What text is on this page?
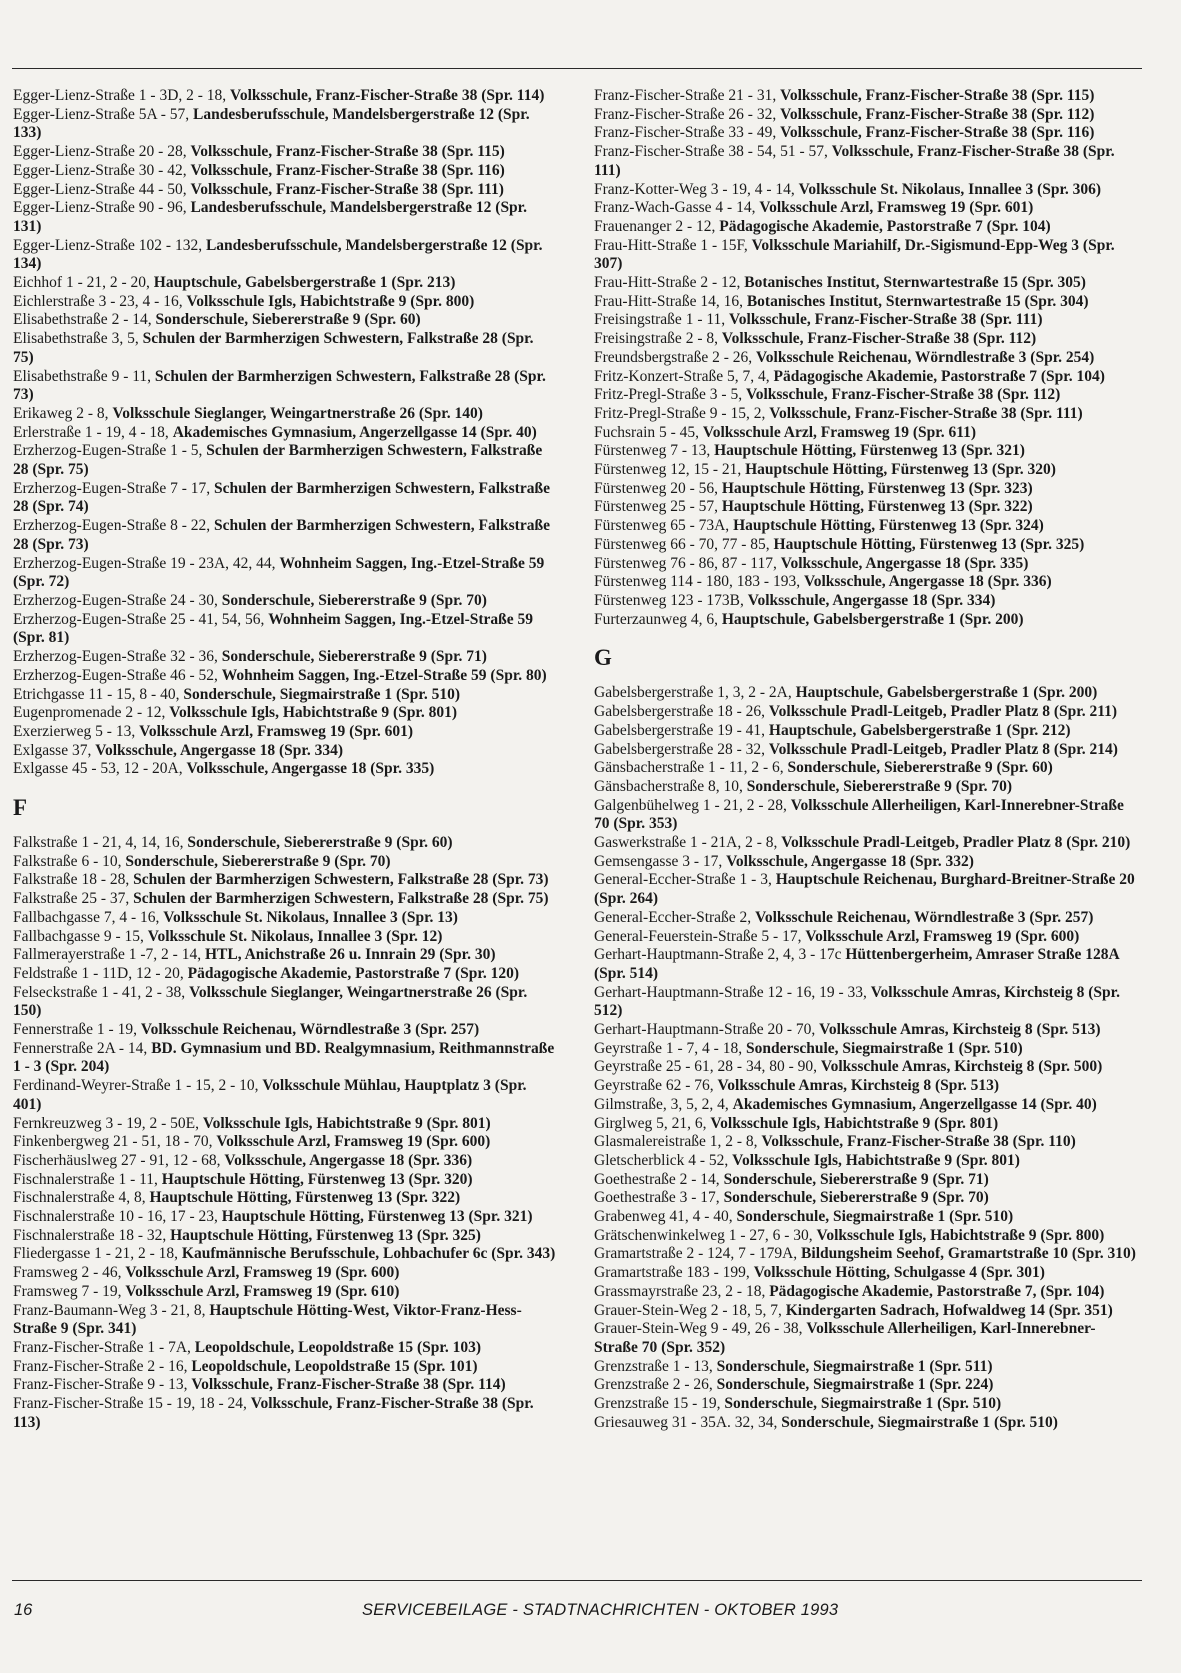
Egger-Lienz-Straße 1 - 3D, 2 - 18, Volksschule, Franz-Fischer-Straße 38 (Spr. 114)
Egger-Lienz-Straße 5A - 57, Landesberufsschule, Mandelsbergerstraße 12 (Spr. 133)
Egger-Lienz-Straße 20 - 28, Volksschule, Franz-Fischer-Straße 38 (Spr. 115)
Egger-Lienz-Straße 30 - 42, Volksschule, Franz-Fischer-Straße 38 (Spr. 116)
Egger-Lienz-Straße 44 - 50, Volksschule, Franz-Fischer-Straße 38 (Spr. 111)
Egger-Lienz-Straße 90 - 96, Landesberufsschule, Mandelsbergerstraße 12 (Spr. 131)
Egger-Lienz-Straße 102 - 132, Landesberufsschule, Mandelsbergerstraße 12 (Spr. 134)
Eichhof 1 - 21, 2 - 20, Hauptschule, Gabelsbergerstraße 1 (Spr. 213)
Eichlerstraße 3 - 23, 4 - 16, Volksschule Igls, Habichtstraße 9 (Spr. 800)
Elisabethstraße 2 - 14, Sonderschule, Siebererstraße 9 (Spr. 60)
Elisabethstraße 3, 5, Schulen der Barmherzigen Schwestern, Falkstraße 28 (Spr. 75)
Elisabethstraße 9 - 11, Schulen der Barmherzigen Schwestern, Falkstraße 28 (Spr. 73)
Erikaweg 2 - 8, Volksschule Sieglanger, Weingartnerstraße 26 (Spr. 140)
Erlerstraße 1 - 19, 4 - 18, Akademisches Gymnasium, Angerzellgasse 14 (Spr. 40)
Erzherzog-Eugen-Straße 1 - 5, Schulen der Barmherzigen Schwestern, Falkstraße 28 (Spr. 75)
Erzherzog-Eugen-Straße 7 - 17, Schulen der Barmherzigen Schwestern, Falkstraße 28 (Spr. 74)
Erzherzog-Eugen-Straße 8 - 22, Schulen der Barmherzigen Schwestern, Falkstraße 28 (Spr. 73)
Erzherzog-Eugen-Straße 19 - 23A, 42, 44, Wohnheim Saggen, Ing.-Etzel-Straße 59 (Spr. 72)
Erzherzog-Eugen-Straße 24 - 30, Sonderschule, Siebererstraße 9 (Spr. 70)
Erzherzog-Eugen-Straße 25 - 41, 54, 56, Wohnheim Saggen, Ing.-Etzel-Straße 59 (Spr. 81)
Erzherzog-Eugen-Straße 32 - 36, Sonderschule, Siebererstraße 9 (Spr. 71)
Erzherzog-Eugen-Straße 46 - 52, Wohnheim Saggen, Ing.-Etzel-Straße 59 (Spr. 80)
Etrichgasse 11 - 15, 8 - 40, Sonderschule, Siegmairstraße 1 (Spr. 510)
Eugenpromenade 2 - 12, Volksschule Igls, Habichtstraße 9 (Spr. 801)
Exerzierweg 5 - 13, Volksschule Arzl, Framsweg 19 (Spr. 601)
Exlgasse 37, Volksschule, Angergasse 18 (Spr. 334)
Exlgasse 45 - 53, 12 - 20A, Volksschule, Angergasse 18 (Spr. 335)
F
Falkstraße 1 - 21, 4, 14, 16, Sonderschule, Siebererstraße 9 (Spr. 60)
Falkstraße 6 - 10, Sonderschule, Siebererstraße 9 (Spr. 70)
Falkstraße 18 - 28, Schulen der Barmherzigen Schwestern, Falkstraße 28 (Spr. 73)
Falkstraße 25 - 37, Schulen der Barmherzigen Schwestern, Falkstraße 28 (Spr. 75)
Fallbachgasse 7, 4 - 16, Volksschule St. Nikolaus, Innallee 3 (Spr. 13)
Fallbachgasse 9 - 15, Volksschule St. Nikolaus, Innallee 3 (Spr. 12)
Fallmerayerstraße 1 -7, 2 - 14, HTL, Anichstraße 26 u. Innrain 29 (Spr. 30)
Feldstraße 1 - 11D, 12 - 20, Pädagogische Akademie, Pastorstraße 7 (Spr. 120)
Felseckstraße 1 - 41, 2 - 38, Volksschule Sieglanger, Weingartnerstraße 26 (Spr. 150)
Fennerstraße 1 - 19, Volksschule Reichenau, Wörndlestraße 3 (Spr. 257)
Fennerstraße 2A - 14, BD. Gymnasium und BD. Realgymnasium, Reithmannstraße 1 - 3 (Spr. 204)
Ferdinand-Weyrer-Straße 1 - 15, 2 - 10, Volksschule Mühlau, Hauptplatz 3 (Spr. 401)
Fernkreuzweg 3 - 19, 2 - 50E, Volksschule Igls, Habichtstraße 9 (Spr. 801)
Finkenbergweg 21 - 51, 18 - 70, Volksschule Arzl, Framsweg 19 (Spr. 600)
Fischerhäuslweg 27 - 91, 12 - 68, Volksschule, Angergasse 18 (Spr. 336)
Fischnalerstraße 1 - 11, Hauptschule Hötting, Fürstenweg 13 (Spr. 320)
Fischnalerstraße 4, 8, Hauptschule Hötting, Fürstenweg 13 (Spr. 322)
Fischnalerstraße 10 - 16, 17 - 23, Hauptschule Hötting, Fürstenweg 13 (Spr. 321)
Fischnalerstraße 18 - 32, Hauptschule Hötting, Fürstenweg 13 (Spr. 325)
Fliedergasse 1 - 21, 2 - 18, Kaufmännische Berufsschule, Lohbachufer 6c (Spr. 343)
Framsweg 2 - 46, Volksschule Arzl, Framsweg 19 (Spr. 600)
Framsweg 7 - 19, Volksschule Arzl, Framsweg 19 (Spr. 610)
Franz-Baumann-Weg 3 - 21, 8, Hauptschule Hötting-West, Viktor-Franz-Hess-Straße 9 (Spr. 341)
Franz-Fischer-Straße 1 - 7A, Leopoldschule, Leopoldstraße 15 (Spr. 103)
Franz-Fischer-Straße 2 - 16, Leopoldschule, Leopoldstraße 15 (Spr. 101)
Franz-Fischer-Straße 9 - 13, Volksschule, Franz-Fischer-Straße 38 (Spr. 114)
Franz-Fischer-Straße 15 - 19, 18 - 24, Volksschule, Franz-Fischer-Straße 38 (Spr. 113)
Franz-Fischer-Straße 21 - 31, Volksschule, Franz-Fischer-Straße 38 (Spr. 115)
Franz-Fischer-Straße 26 - 32, Volksschule, Franz-Fischer-Straße 38 (Spr. 112)
Franz-Fischer-Straße 33 - 49, Volksschule, Franz-Fischer-Straße 38 (Spr. 116)
Franz-Fischer-Straße 38 - 54, 51 - 57, Volksschule, Franz-Fischer-Straße 38 (Spr. 111)
Franz-Kotter-Weg 3 - 19, 4 - 14, Volksschule St. Nikolaus, Innallee 3 (Spr. 306)
Franz-Wach-Gasse 4 - 14, Volksschule Arzl, Framsweg 19 (Spr. 601)
Frauenanger 2 - 12, Pädagogische Akademie, Pastorstraße 7 (Spr. 104)
Frau-Hitt-Straße 1 - 15F, Volksschule Mariahilf, Dr.-Sigismund-Epp-Weg 3 (Spr. 307)
Frau-Hitt-Straße 2 - 12, Botanisches Institut, Sternwartestraße 15 (Spr. 305)
Frau-Hitt-Straße 14, 16, Botanisches Institut, Sternwartestraße 15 (Spr. 304)
Freisingstraße 1 - 11, Volksschule, Franz-Fischer-Straße 38 (Spr. 111)
Freisingstraße 2 - 8, Volksschule, Franz-Fischer-Straße 38 (Spr. 112)
Freundsbergstraße 2 - 26, Volksschule Reichenau, Wörndlestraße 3 (Spr. 254)
Fritz-Konzert-Straße 5, 7, 4, Pädagogische Akademie, Pastorstraße 7 (Spr. 104)
Fritz-Pregl-Straße 3 - 5, Volksschule, Franz-Fischer-Straße 38 (Spr. 112)
Fritz-Pregl-Straße 9 - 15, 2, Volksschule, Franz-Fischer-Straße 38 (Spr. 111)
Fuchsrain 5 - 45, Volksschule Arzl, Framsweg 19 (Spr. 611)
Fürstenweg 7 - 13, Hauptschule Hötting, Fürstenweg 13 (Spr. 321)
Fürstenweg 12, 15 - 21, Hauptschule Hötting, Fürstenweg 13 (Spr. 320)
Fürstenweg 20 - 56, Hauptschule Hötting, Fürstenweg 13 (Spr. 323)
Fürstenweg 25 - 57, Hauptschule Hötting, Fürstenweg 13 (Spr. 322)
Fürstenweg 65 - 73A, Hauptschule Hötting, Fürstenweg 13 (Spr. 324)
Fürstenweg 66 - 70, 77 - 85, Hauptschule Hötting, Fürstenweg 13 (Spr. 325)
Fürstenweg 76 - 86, 87 - 117, Volksschule, Angergasse 18 (Spr. 335)
Fürstenweg 114 - 180, 183 - 193, Volksschule, Angergasse 18 (Spr. 336)
Fürstenweg 123 - 173B, Volksschule, Angergasse 18 (Spr. 334)
Furterzaunweg 4, 6, Hauptschule, Gabelsbergerstraße 1 (Spr. 200)
G
Gabelsbergerstraße 1, 3, 2 - 2A, Hauptschule, Gabelsbergerstraße 1 (Spr. 200)
Gabelsbergerstraße 18 - 26, Volksschule Pradl-Leitgeb, Pradler Platz 8 (Spr. 211)
Gabelsbergerstraße 19 - 41, Hauptschule, Gabelsbergerstraße 1 (Spr. 212)
Gabelsbergerstraße 28 - 32, Volksschule Pradl-Leitgeb, Pradler Platz 8 (Spr. 214)
Gänsbacherstraße 1 - 11, 2 - 6, Sonderschule, Siebererstraße 9 (Spr. 60)
Gänsbacherstraße 8, 10, Sonderschule, Siebererstraße 9 (Spr. 70)
Galgenbühelweg 1 - 21, 2 - 28, Volksschule Allerheiligen, Karl-Innerebner-Straße 70 (Spr. 353)
Gaswerkstraße 1 - 21A, 2 - 8, Volksschule Pradl-Leitgeb, Pradler Platz 8 (Spr. 210)
Gemsengasse 3 - 17, Volksschule, Angergasse 18 (Spr. 332)
General-Eccher-Straße 1 - 3, Hauptschule Reichenau, Burghard-Breitner-Straße 20 (Spr. 264)
General-Eccher-Straße 2, Volksschule Reichenau, Wörndlestraße 3 (Spr. 257)
General-Feuerstein-Straße 5 - 17, Volksschule Arzl, Framsweg 19 (Spr. 600)
Gerhart-Hauptmann-Straße 2, 4, 3 - 17c Hüttenbergerheim, Amraser Straße 128A (Spr. 514)
Gerhart-Hauptmann-Straße 12 - 16, 19 - 33, Volksschule Amras, Kirchsteig 8 (Spr. 512)
Gerhart-Hauptmann-Straße 20 - 70, Volksschule Amras, Kirchsteig 8 (Spr. 513)
Geyrstraße 1 - 7, 4 - 18, Sonderschule, Siegmairstraße 1 (Spr. 510)
Geyrstraße 25 - 61, 28 - 34, 80 - 90, Volksschule Amras, Kirchsteig 8 (Spr. 500)
Geyrstraße 62 - 76, Volksschule Amras, Kirchsteig 8 (Spr. 513)
Gilmstraße, 3, 5, 2, 4, Akademisches Gymnasium, Angerzellgasse 14 (Spr. 40)
Girglweg 5, 21, 6, Volksschule Igls, Habichtstraße 9 (Spr. 801)
Glasmalereistraße 1, 2 - 8, Volksschule, Franz-Fischer-Straße 38 (Spr. 110)
Gletscherblick 4 - 52, Volksschule Igls, Habichtstraße 9 (Spr. 801)
Goethestraße 2 - 14, Sonderschule, Siebererstraße 9 (Spr. 71)
Goethestraße 3 - 17, Sonderschule, Siebererstraße 9 (Spr. 70)
Grabenweg 41, 4 - 40, Sonderschule, Siegmairstraße 1 (Spr. 510)
Grätschenwinkelweg 1 - 27, 6 - 30, Volksschule Igls, Habichtstraße 9 (Spr. 800)
Gramartstraße 2 - 124, 7 - 179A, Bildungsheim Seehof, Gramartstraße 10 (Spr. 310)
Gramartstraße 183 - 199, Volksschule Hötting, Schulgasse 4 (Spr. 301)
Grassmayrstraße 23, 2 - 18, Pädagogische Akademie, Pastorstraße 7, (Spr. 104)
Grauer-Stein-Weg 2 - 18, 5, 7, Kindergarten Sadrach, Hofwaldweg 14 (Spr. 351)
Grauer-Stein-Weg 9 - 49, 26 - 38, Volksschule Allerheiligen, Karl-Innerebner-Straße 70 (Spr. 352)
Grenzstraße 1 - 13, Sonderschule, Siegmairstraße 1 (Spr. 511)
Grenzstraße 2 - 26, Sonderschule, Siegmairstraße 1 (Spr. 224)
Grenzstraße 15 - 19, Sonderschule, Siegmairstraße 1 (Spr. 510)
Griesauweg 31 - 35A. 32, 34, Sonderschule, Siegmairstraße 1 (Spr. 510)
16	SERVICEBEILAGE - STADTNACHRICHTEN - OKTOBER 1993
